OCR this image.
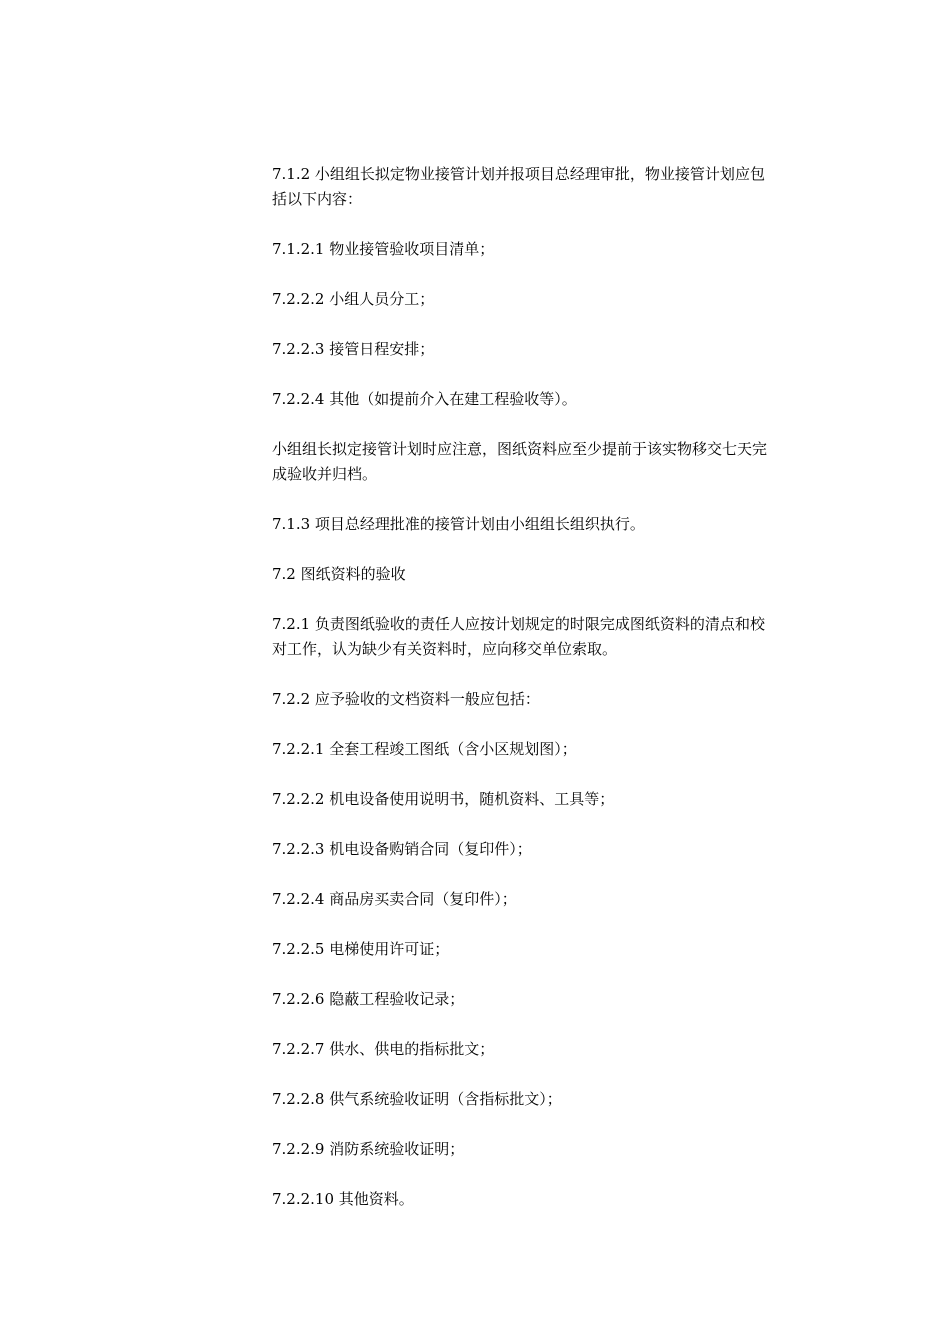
7.1.2 小组组长拟定物业接管计划并报项目总经理审批，物业接管计划应包括以下内容：

7.1.2.1 物业接管验收项目清单；

7.2.2.2 小组人员分工；

7.2.2.3 接管日程安排；

7.2.2.4 其他（如提前介入在建工程验收等）。

小组组长拟定接管计划时应注意，图纸资料应至少提前于该实物移交七天完成验收并归档。

7.1.3 项目总经理批准的接管计划由小组组长组织执行。

7.2 图纸资料的验收

7.2.1 负责图纸验收的责任人应按计划规定的时限完成图纸资料的清点和校对工作，认为缺少有关资料时，应向移交单位索取。

7.2.2 应予验收的文档资料一般应包括：

7.2.2.1 全套工程竣工图纸（含小区规划图）；

7.2.2.2 机电设备使用说明书，随机资料、工具等；

7.2.2.3 机电设备购销合同（复印件）；

7.2.2.4 商品房买卖合同（复印件）；

7.2.2.5 电梯使用许可证；

7.2.2.6 隐蔽工程验收记录；

7.2.2.7 供水、供电的指标批文；

7.2.2.8 供气系统验收证明（含指标批文）；

7.2.2.9 消防系统验收证明；

7.2.2.10 其他资料。
